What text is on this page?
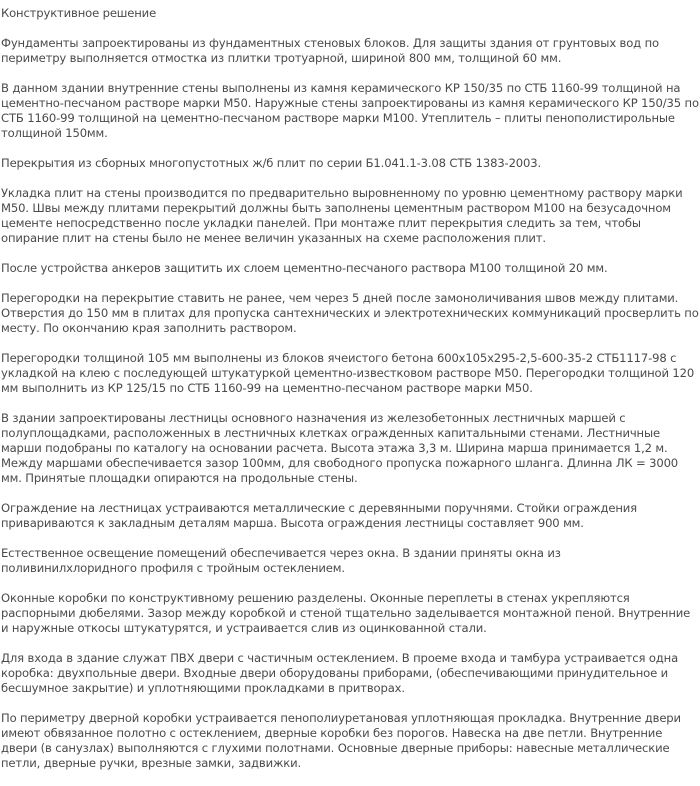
Конструктивное решение

Фундаменты запроектированы из фундаментных стеновых блоков. Для защиты здания от грунтовых вод по периметру выполняется отмостка из плитки тротуарной, шириной 800 мм, толщиной 60 мм.

В данном здании внутренние стены выполнены из камня керамического КР 150/35 по СТБ 1160-99 толщиной на цементно-песчаном растворе марки М50. Наружные стены запроектированы из камня керамического КР 150/35 по СТБ 1160-99 толщиной на цементно-песчаном растворе марки М100. Утеплитель – плиты пенополистирольные толщиной 150мм.

Перекрытия из сборных многопустотных ж/б плит по серии Б1.041.1-3.08 СТБ 1383-2003.

Укладка плит на стены производится по предварительно выровненному по уровню цементному раствору марки М50. Швы между плитами перекрытий должны быть заполнены цементным раствором М100 на безусадочном цементе непосредственно после укладки панелей. При монтаже плит перекрытия следить за тем, чтобы опирание плит на стены было не менее величин указанных на схеме расположения плит.

После устройства анкеров защитить их слоем цементно-песчаного раствора М100 толщиной 20 мм.

Перегородки на перекрытие ставить не ранее, чем через 5 дней после замоноличивания швов между плитами. Отверстия до 150 мм в плитах для пропуска сантехнических и электротехнических коммуникаций просверлить по месту. По окончанию края заполнить раствором.

Перегородки толщиной 105 мм выполнены из блоков ячеистого бетона 600x105x295-2,5-600-35-2 СТБ1117-98 с укладкой на клею с последующей штукатуркой цементно-известковом растворе М50. Перегородки толщиной 120 мм выполнить из КР 125/15 по СТБ 1160-99 на цементно-песчаном растворе марки М50.

В здании запроектированы лестницы основного назначения из железобетонных лестничных маршей с полуплощадками, расположенных в лестничных клетках огражденных капитальными стенами. Лестничные марши подобраны по каталогу на основании расчета. Высота этажа 3,3 м. Ширина марша принимается 1,2 м. Между маршами обеспечивается зазор 100мм, для свободного пропуска пожарного шланга. Длинна ЛК = 3000 мм. Принятые площадки опираются на продольные стены.

Ограждение на лестницах устраиваются металлические с деревянными поручнями. Стойки ограждения привариваются к закладным деталям марша. Высота ограждения лестницы составляет 900 мм.

Естественное освещение помещений обеспечивается через окна. В здании приняты окна из поливинилхлоридного профиля с тройным остеклением.

Оконные коробки по конструктивному решению разделены. Оконные переплеты в стенах укрепляются распорными дюбелями. Зазор между коробкой и стеной тщательно заделывается монтажной пеной. Внутренние и наружные откосы штукатурятся, и устраивается слив из оцинкованной стали.

Для входа в здание служат ПВХ двери с частичным остеклением. В проеме входа и тамбура устраивается одна коробка: двухпольные двери. Входные двери оборудованы приборами, (обеспечивающими принудительное и бесшумное закрытие) и уплотняющими прокладками в притворах.

По периметру дверной коробки устраивается пенополиуретановая уплотняющая прокладка. Внутренние двери имеют обвязанное полотно с остеклением, дверные коробки без порогов. Навеска на две петли. Внутренние двери (в санузлах) выполняются с глухими полотнами. Основные дверные приборы: навесные металлические петли, дверные ручки, врезные замки, задвижки.
